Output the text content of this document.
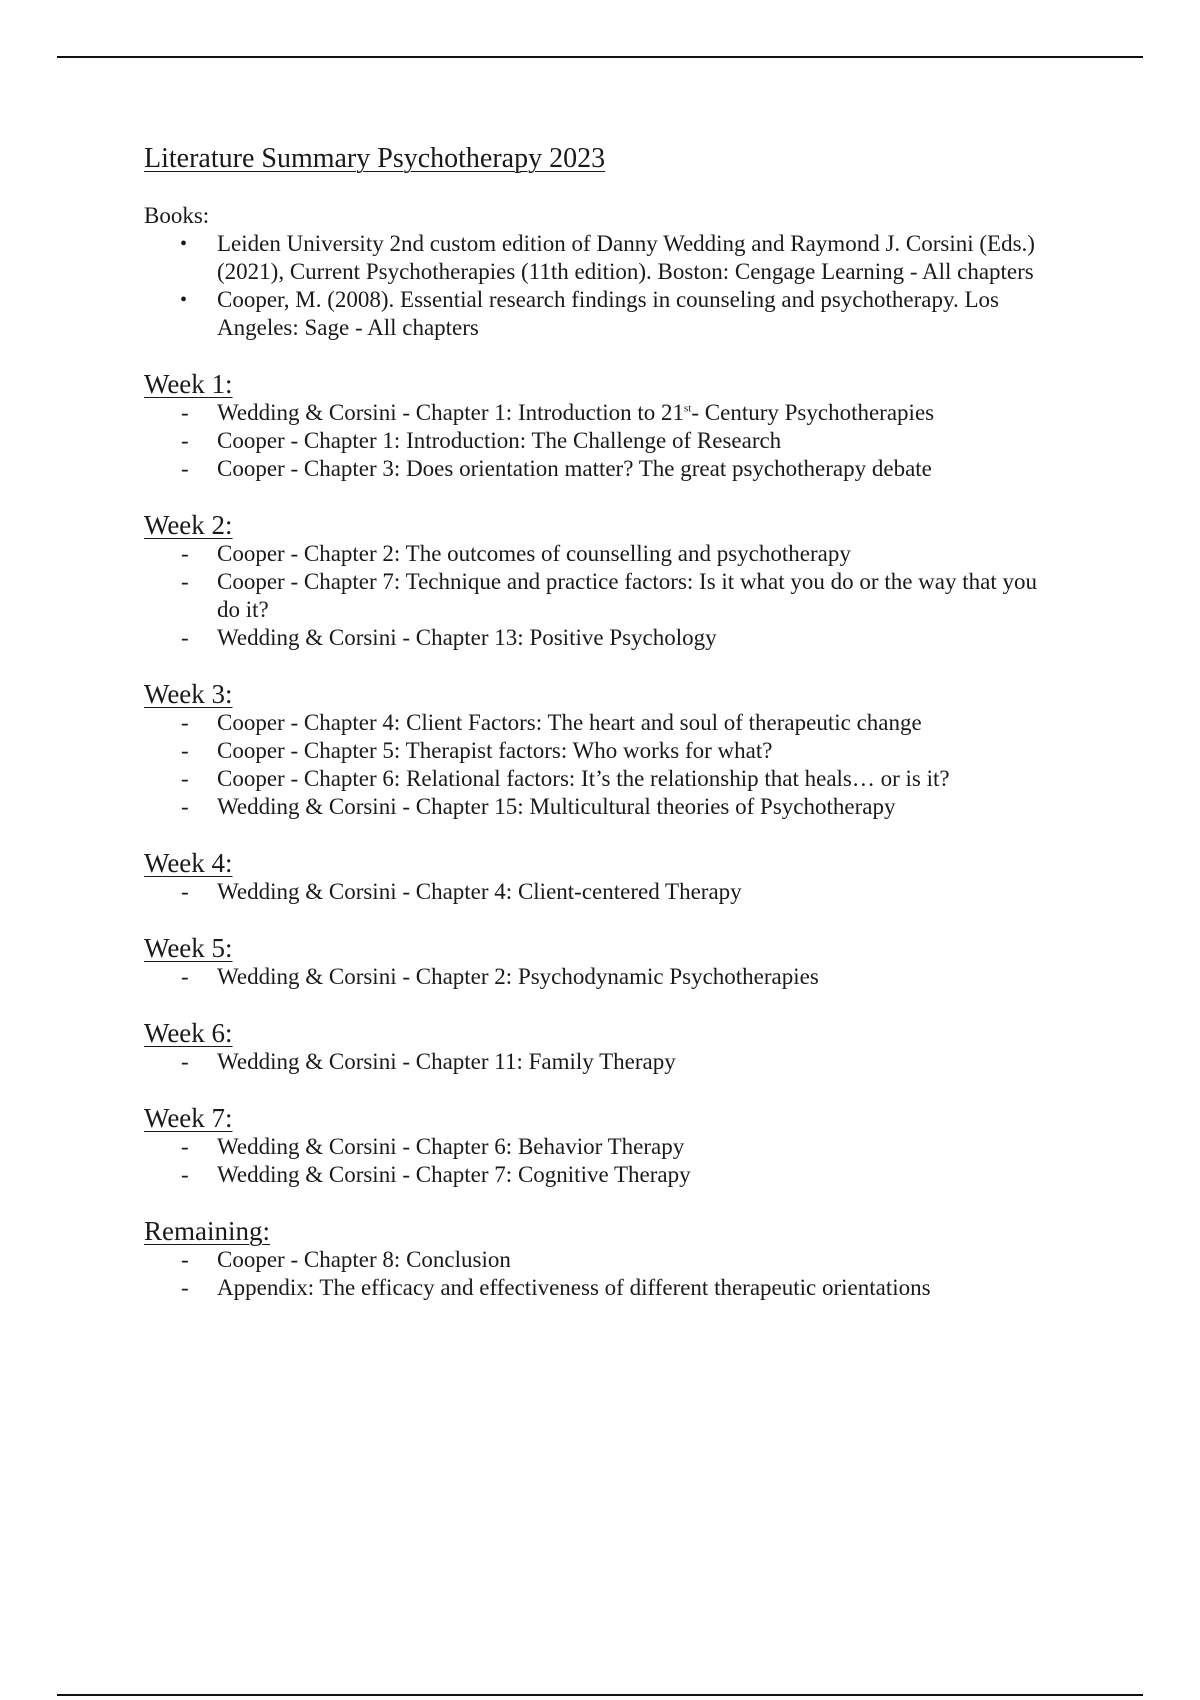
Literature Summary Psychotherapy 2023

Books:

•	Leiden University 2nd custom edition of Danny Wedding and Raymond J. Corsini (Eds.) (2021), Current Psychotherapies (11th edition). Boston: Cengage Learning - All chapters
•	Cooper, M. (2008). Essential research findings in counseling and psychotherapy. Los Angeles: Sage - All chapters
Week 1:
- Wedding & Corsini - Chapter 1: Introduction to 21st- Century Psychotherapies
- Cooper - Chapter 1: Introduction: The Challenge of Research
- Cooper - Chapter 3: Does orientation matter? The great psychotherapy debate
Week 2:
- Cooper - Chapter 2: The outcomes of counselling and psychotherapy
- Cooper - Chapter 7: Technique and practice factors: Is it what you do or the way that you do it?
- Wedding & Corsini - Chapter 13: Positive Psychology
Week 3:
- Cooper - Chapter 4: Client Factors: The heart and soul of therapeutic change
- Cooper - Chapter 5: Therapist factors: Who works for what?
- Cooper - Chapter 6: Relational factors: It’s the relationship that heals… or is it?
- Wedding & Corsini - Chapter 15: Multicultural theories of Psychotherapy
Week 4:
- Wedding & Corsini - Chapter 4: Client-centered Therapy
Week 5:
- Wedding & Corsini - Chapter 2: Psychodynamic Psychotherapies
Week 6:
- Wedding & Corsini - Chapter 11: Family Therapy
Week 7:
- Wedding & Corsini - Chapter 6: Behavior Therapy
- Wedding & Corsini - Chapter 7: Cognitive Therapy
Remaining:
- Cooper - Chapter 8: Conclusion
- Appendix: The efficacy and effectiveness of different therapeutic orientations
